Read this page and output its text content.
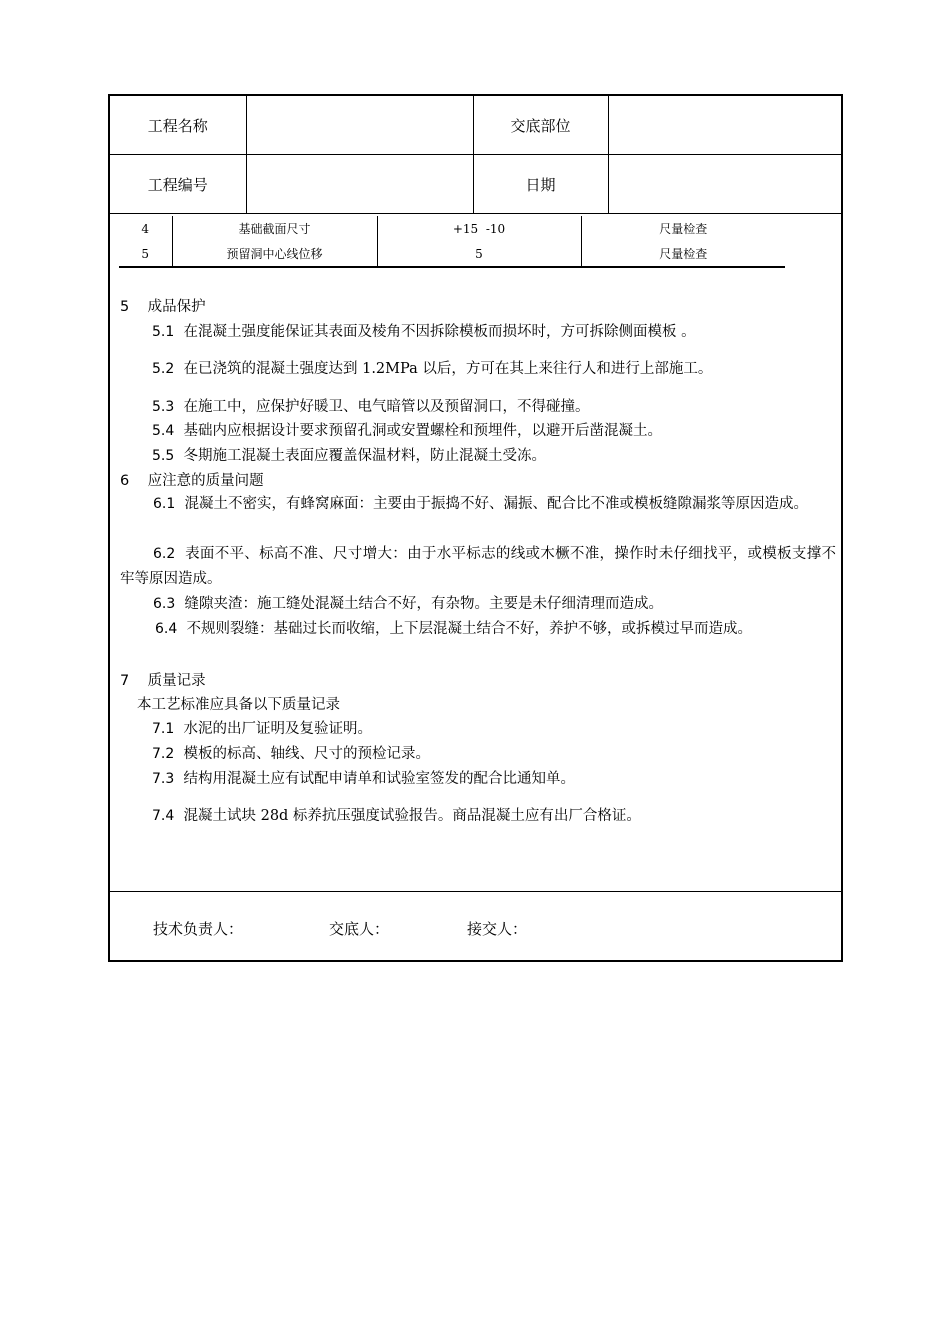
工程名称		交底部位	
工程编号		日期	
4	基础截面尺寸	+15  -10	尺量检查
5	预留洞中心线位移	5	尺量检查
5 成品保护
5.1 在混凝土强度能保证其表面及棱角不因拆除模板而损坏时，方可拆除侧面模板 。
5.2 在已浇筑的混凝土强度达到 1.2MPa 以后，方可在其上来往行人和进行上部施工。
5.3 在施工中，应保护好暖卫、电气暗管以及预留洞口，不得碰撞。
5.4 基础内应根据设计要求预留孔洞或安置螺栓和预埋件，以避开后凿混凝土。
5.5 冬期施工混凝土表面应覆盖保温材料，防止混凝土受冻。
6 应注意的质量问题
6.1 混凝土不密实，有蜂窝麻面：主要由于振捣不好、漏振、配合比不准或模板缝隙漏浆等原因造成。
6.2 表面不平、标高不准、尺寸增大：由于水平标志的线或木橛不准，操作时未仔细找平，或模板支撑不牢等原因造成。
6.3 缝隙夹渣：施工缝处混凝土结合不好，有杂物。主要是未仔细清理而造成。
6.4 不规则裂缝：基础过长而收缩，上下层混凝土结合不好，养护不够，或拆模过早而造成。
7 质量记录
本工艺标准应具备以下质量记录
7.1 水泥的出厂证明及复验证明。
7.2 模板的标高、轴线、尺寸的预检记录。
7.3 结构用混凝土应有试配申请单和试验室签发的配合比通知单。
7.4 混凝土试块 28d 标养抗压强度试验报告。商品混凝土应有出厂合格证。
技术负责人：	交底人：	接交人：
